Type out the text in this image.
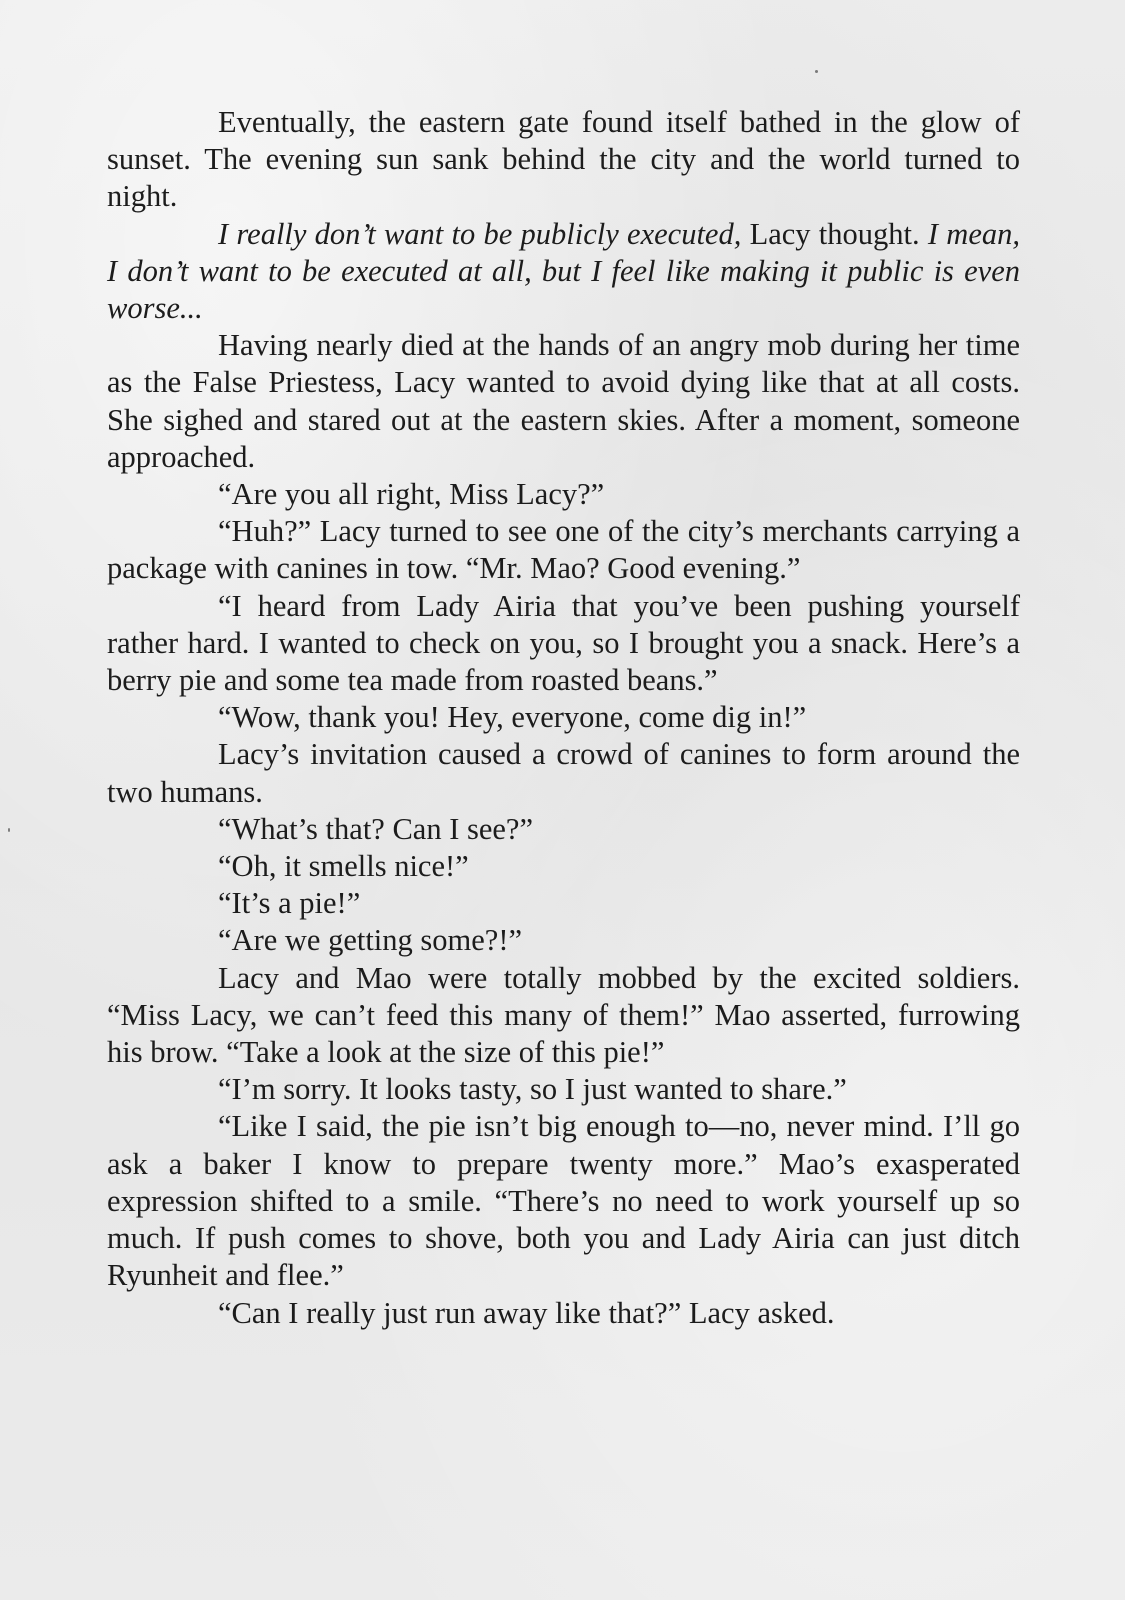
Eventually, the eastern gate found itself bathed in the glow of sunset. The evening sun sank behind the city and the world turned to night.

I really don’t want to be publicly executed, Lacy thought. I mean, I don’t want to be executed at all, but I feel like making it public is even worse...

Having nearly died at the hands of an angry mob during her time as the False Priestess, Lacy wanted to avoid dying like that at all costs. She sighed and stared out at the eastern skies. After a moment, someone approached.

“Are you all right, Miss Lacy?”

“Huh?” Lacy turned to see one of the city’s merchants carrying a package with canines in tow. “Mr. Mao? Good evening.”

“I heard from Lady Airia that you’ve been pushing yourself rather hard. I wanted to check on you, so I brought you a snack. Here’s a berry pie and some tea made from roasted beans.”

“Wow, thank you! Hey, everyone, come dig in!”

Lacy’s invitation caused a crowd of canines to form around the two humans.

“What’s that? Can I see?”

“Oh, it smells nice!”

“It’s a pie!”

“Are we getting some?!”

Lacy and Mao were totally mobbed by the excited soldiers. “Miss Lacy, we can’t feed this many of them!” Mao asserted, furrowing his brow. “Take a look at the size of this pie!”

“I’m sorry. It looks tasty, so I just wanted to share.”

“Like I said, the pie isn’t big enough to—no, never mind. I’ll go ask a baker I know to prepare twenty more.” Mao’s exasperated expression shifted to a smile. “There’s no need to work yourself up so much. If push comes to shove, both you and Lady Airia can just ditch Ryunheit and flee.”

“Can I really just run away like that?” Lacy asked.
